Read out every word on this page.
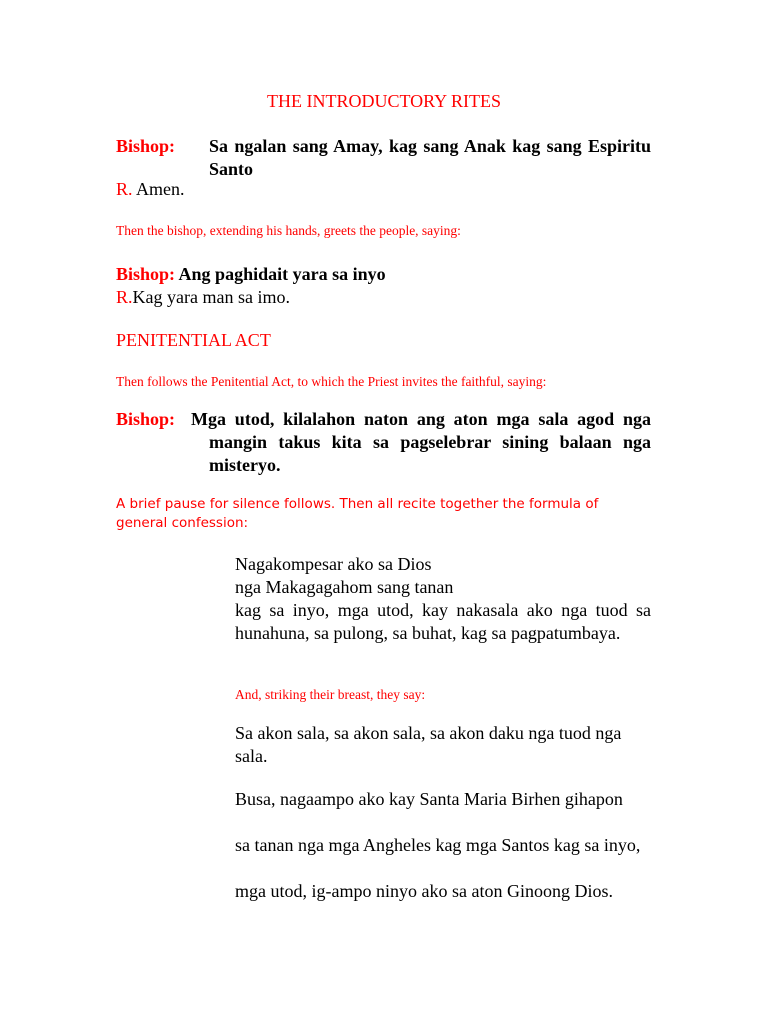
THE INTRODUCTORY RITES
Bishop: Sa ngalan sang Amay, kag sang Anak kag sang Espiritu Santo
R. Amen.
Then the bishop, extending his hands, greets the people, saying:
Bishop: Ang paghidait yara sa inyo
R.Kag yara man sa imo.
PENITENTIAL ACT
Then follows the Penitential Act, to which the Priest invites the faithful, saying:
Bishop: Mga utod, kilalahon naton ang aton mga sala agod nga mangin takus kita sa pagselebrar sining balaan nga misteryo.
A brief pause for silence follows. Then all recite together the formula of general confession:
Nagakompesar ako sa Dios
nga Makagagahom sang tanan
kag sa inyo, mga utod, kay nakasala ako nga tuod sa hunahuna, sa pulong, sa buhat, kag sa pagpatumbaya.
And, striking their breast, they say:
Sa akon sala, sa akon sala, sa akon daku nga tuod nga sala.
Busa, nagaampo ako kay Santa Maria Birhen gihapon
sa tanan nga mga Angheles kag mga Santos kag sa inyo,
mga utod, ig-ampo ninyo ako sa aton Ginoong Dios.
